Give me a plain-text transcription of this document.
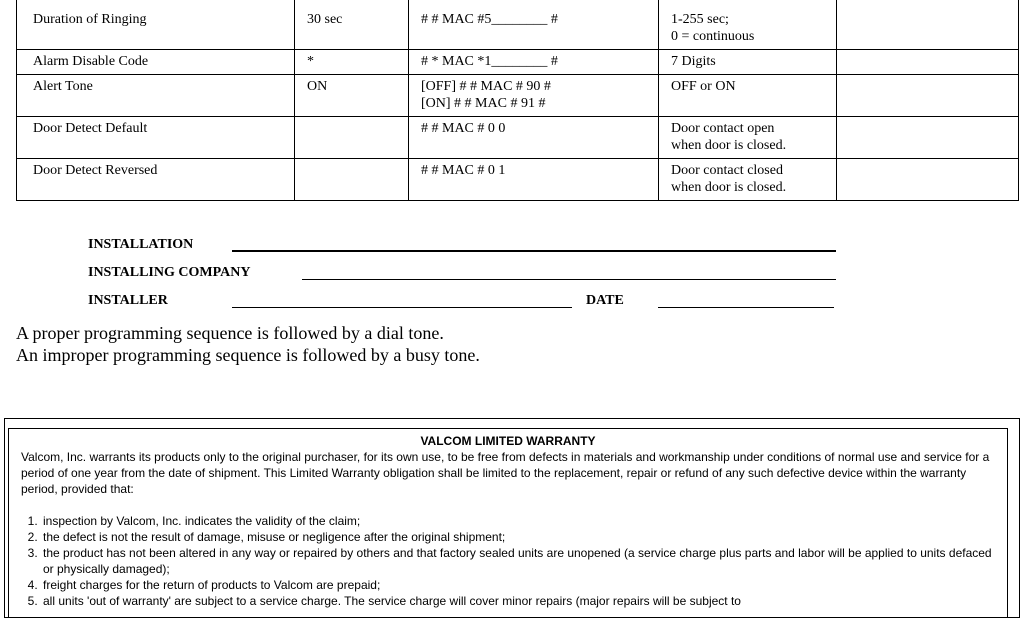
Duration of Ringing	30 sec	# # MAC #5________ #	1-255 sec;
0 = continuous	
Alarm Disable Code	*	# * MAC *1________ #	7 Digits	
Alert Tone	ON	[OFF] # # MAC # 90 #
[ON] # # MAC # 91 #	OFF or ON	
Door Detect Default		# # MAC # 0 0	Door contact open
when door is closed.	
Door Detect Reversed		# # MAC # 0 1	Door contact closed
when door is closed.	
INSTALLATION
INSTALLING COMPANY
INSTALLER	DATE
A proper programming sequence is followed by a dial tone.
An improper programming sequence is followed by a busy tone.

VALCOM LIMITED WARRANTY

Valcom, Inc. warrants its products only to the original purchaser, for its own use, to be free from defects in materials and workmanship under conditions of normal use and service for a period of one year from the date of shipment. This Limited Warranty obligation shall be limited to the replacement, repair or refund of any such defective device within the warranty period, provided that:

1. inspection by Valcom, Inc. indicates the validity of the claim;
2. the defect is not the result of damage, misuse or negligence after the original shipment;
3. the product has not been altered in any way or repaired by others and that factory sealed units are unopened (a service charge plus parts and labor will be applied to units defaced or physically damaged);
4. freight charges for the return of products to Valcom are prepaid;
5. all units 'out of warranty' are subject to a service charge. The service charge will cover minor repairs (major repairs will be subject to
